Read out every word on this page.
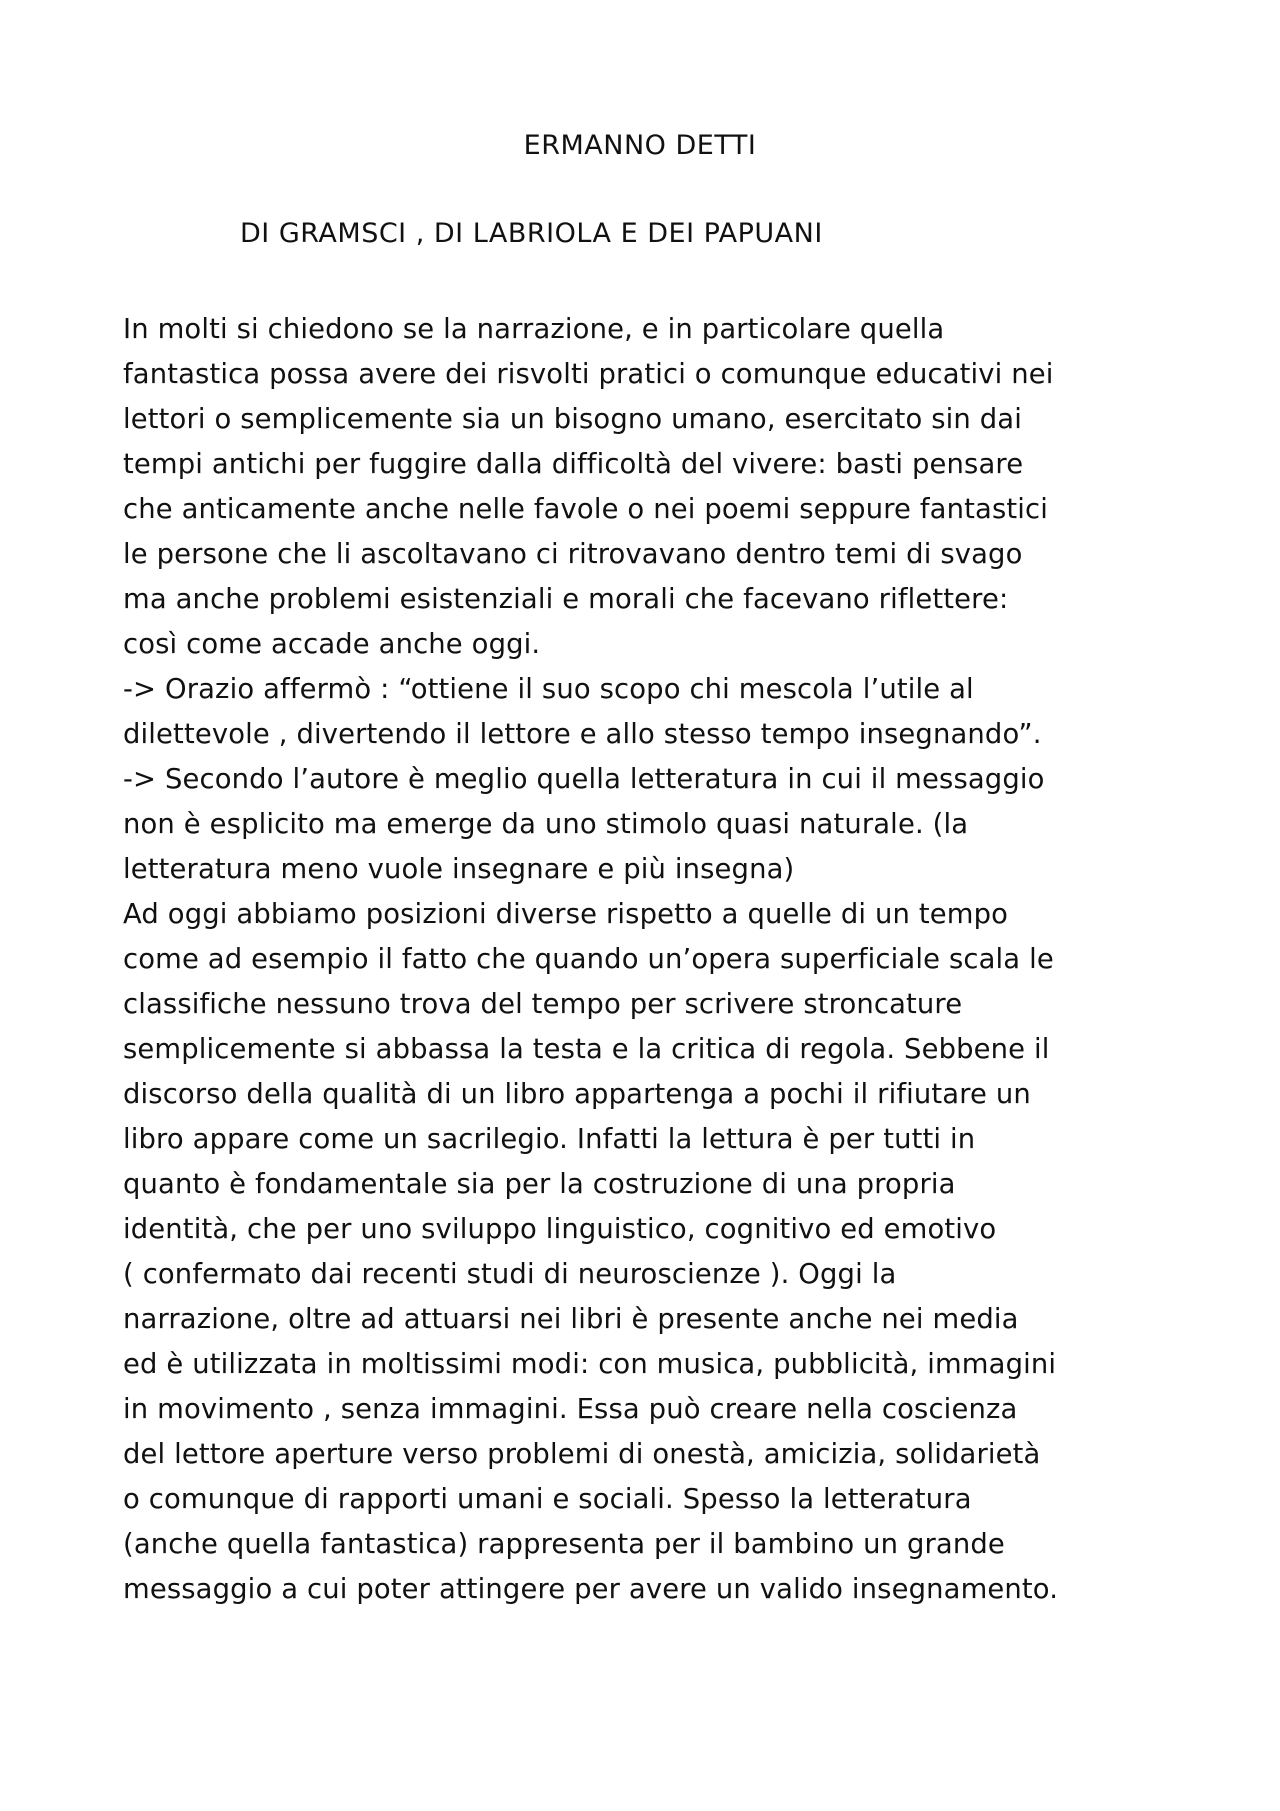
ERMANNO DETTI
DI GRAMSCI , DI LABRIOLA E DEI PAPUANI
In molti si chiedono se la narrazione, e in particolare quella
fantastica possa avere dei risvolti pratici o comunque educativi nei
lettori o semplicemente sia un bisogno umano, esercitato sin dai
tempi antichi per fuggire dalla difficoltà del vivere: basti pensare
che anticamente anche nelle favole o nei poemi seppure fantastici
le persone che li ascoltavano ci ritrovavano dentro temi di svago
ma anche problemi esistenziali e morali che facevano riflettere:
così come accade anche oggi.
-> Orazio affermò : “ottiene il suo scopo chi mescola l’utile al
dilettevole , divertendo il lettore e allo stesso tempo insegnando”.
-> Secondo l’autore è meglio quella letteratura in cui il messaggio
non è esplicito ma emerge da uno stimolo quasi naturale. (la
letteratura meno vuole insegnare e più insegna)
Ad oggi abbiamo posizioni diverse rispetto a quelle di un tempo
come ad esempio il fatto che quando un’opera superficiale scala le
classifiche nessuno trova del tempo per scrivere stroncature
semplicemente si abbassa la testa e la critica di regola. Sebbene il
discorso della qualità di un libro appartenga a pochi il rifiutare un
libro appare come un sacrilegio. Infatti la lettura è per tutti in
quanto è fondamentale sia per la costruzione di una propria
identità, che per uno sviluppo linguistico, cognitivo ed emotivo
( confermato dai recenti studi di neuroscienze ). Oggi la
narrazione, oltre ad attuarsi nei libri è presente anche nei media
ed è utilizzata in moltissimi modi: con musica, pubblicità, immagini
in movimento , senza immagini. Essa può creare nella coscienza
del lettore aperture verso problemi di onestà, amicizia, solidarietà
o comunque di rapporti umani e sociali. Spesso la letteratura
(anche quella fantastica) rappresenta per il bambino un grande
messaggio a cui poter attingere per avere un valido insegnamento.
